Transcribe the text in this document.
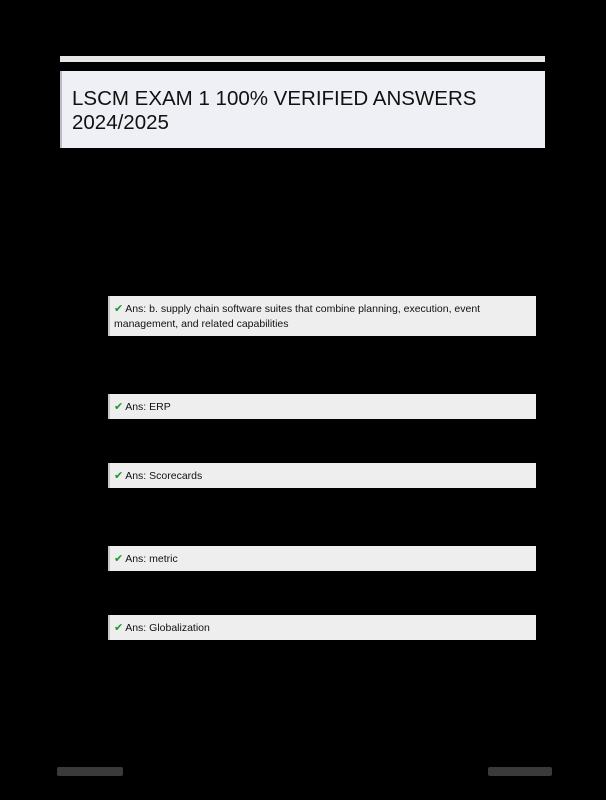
LSCM EXAM 1 100% VERIFIED ANSWERS 2024/2025
✔ Ans: b. supply chain software suites that combine planning, execution, event management, and related capabilities
✔ Ans: ERP
✔ Ans: Scorecards
✔ Ans: metric
✔ Ans: Globalization
